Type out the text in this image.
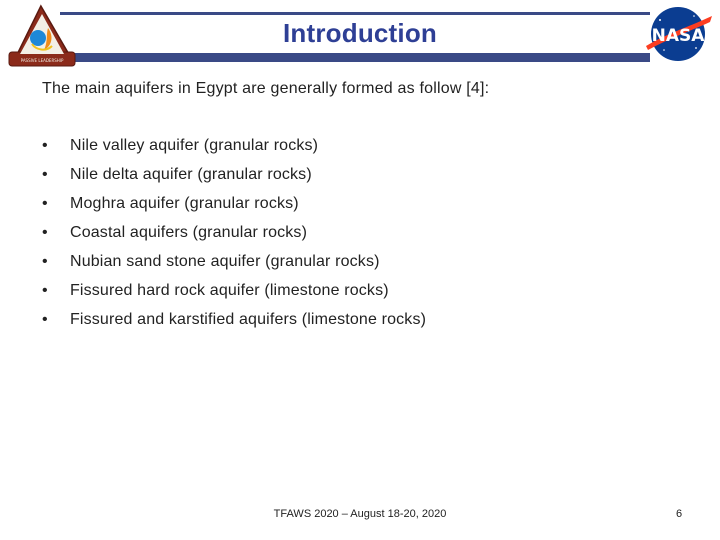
Introduction
PASSIVE LEADERSHIP
NASA
The main aquifers in Egypt are generally formed as follow [4]:
•	Nile valley aquifer (granular rocks)
•	Nile delta aquifer (granular rocks)
•	Moghra aquifer (granular rocks)
•	Coastal aquifers (granular rocks)
•	Nubian sand stone aquifer (granular rocks)
•	Fissured hard rock aquifer (limestone rocks)
•	Fissured and karstified aquifers (limestone rocks)
TFAWS 2020 – August 18-20, 2020	6
